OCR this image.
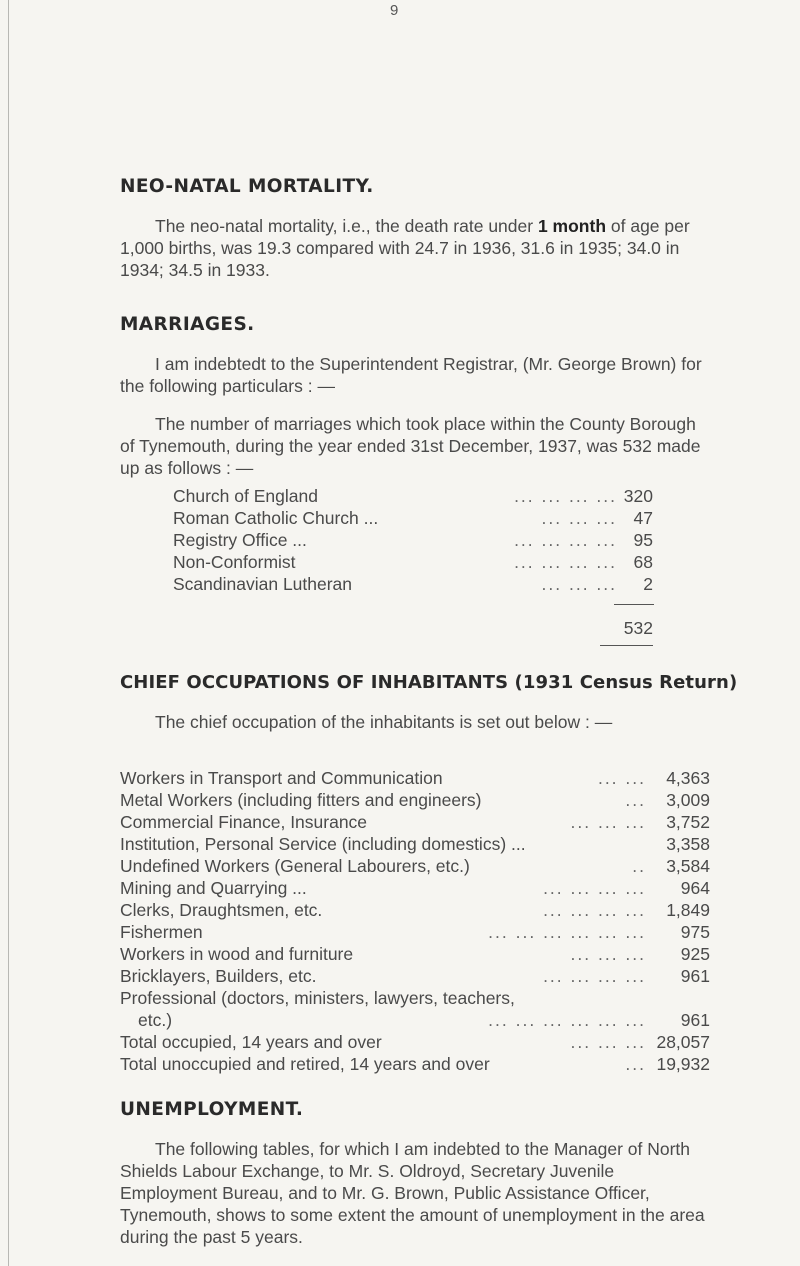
9
NEO-NATAL MORTALITY.

The neo-natal mortality, i.e., the death rate under 1 month of age per 1,000 births, was 19.3 compared with 24.7 in 1936, 31.6 in 1935; 34.0 in 1934; 34.5 in 1933.

MARRIAGES.

I am indebtedt to the Superintendent Registrar, (Mr. George Brown) for the following particulars : —

The number of marriages which took place within the County Borough of Tynemouth, during the year ended 31st December, 1937, was 532 made up as follows : —

Church of England	... ... ... ... 320
Roman Catholic Church ...	... ... ... 47
Registry Office ...	... ... ... ... 95
Non-Conformist	... ... ... ... 68
Scandinavian Lutheran	... ... ...	2
532
CHIEF OCCUPATIONS OF INHABITANTS (1931 Census Return)

The chief occupation of the inhabitants is set out below : —

Workers in Transport and Communication	... ...	4,363
Metal Workers (including fitters and engineers)	...	3,009
Commercial Finance, Insurance	... ... ...	3,752
Institution, Personal Service (including domestics) ...	3,358
Undefined Workers (General Labourers, etc.)	..	3,584
Mining and Quarrying ...	... ... ... ...	964
Clerks, Draughtsmen, etc.	... ... ... ...	1,849
Fishermen	... ... ... ... ... ...	975
Workers in wood and furniture	... ... ...	925
Bricklayers, Builders, etc.	... ... ... ...	961
Professional (doctors, ministers, lawyers, teachers,
etc.)	... ... ... ... ... ...	961
Total occupied, 14 years and over	... ... ... 28,057
Total unoccupied and retired, 14 years and over	... 19,932
UNEMPLOYMENT.

The following tables, for which I am indebted to the Manager of North Shields Labour Exchange, to Mr. S. Oldroyd, Secretary Juvenile Employment Bureau, and to Mr. G. Brown, Public Assistance Officer, Tynemouth, shows to some extent the amount of unemployment in the area during the past 5 years.
